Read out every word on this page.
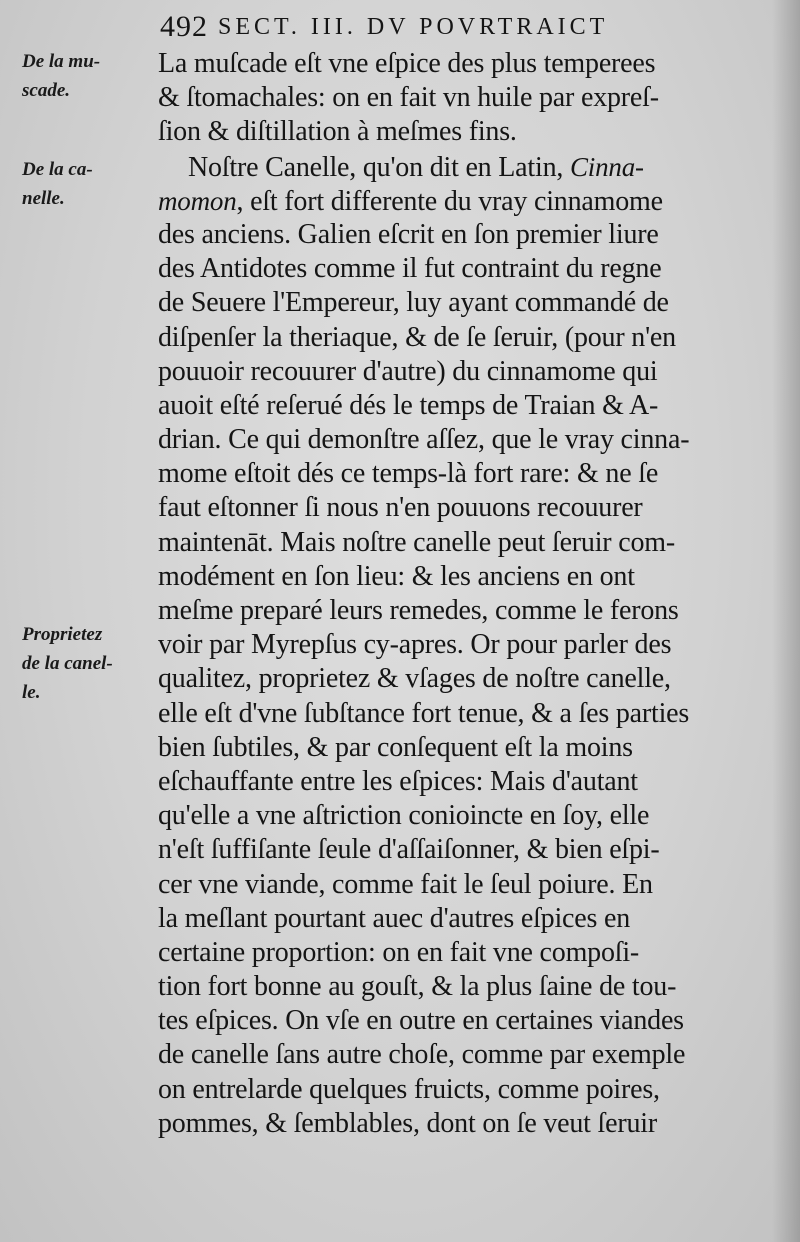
492 SECT. III. DV POVRTRAICT
De la mu-
scade.
De la ca-
nelle.
Proprietez
de la canel-
le.
La muſcade eſt vne eſpice des plus temperees
& ſtomachales: on en fait vn huile par expreſ-
ſion & diſtillation à meſmes fins.
Noſtre Canelle, qu'on dit en Latin, Cinna-
momon, eſt fort differente du vray cinnamome
des anciens. Galien eſcrit en ſon premier liure
des Antidotes comme il fut contraint du regne
de Seuere l'Empereur, luy ayant commandé de
diſpenſer la theriaque, & de ſe ſeruir, (pour n'en
pouuoir recouurer d'autre) du cinnamome qui
auoit eſté reſerué dés le temps de Traian & A-
drian. Ce qui demonſtre aſſez, que le vray cinna-
mome eſtoit dés ce temps-là fort rare: & ne ſe
faut eſtonner ſi nous n'en pouuons recouurer
maintenāt. Mais noſtre canelle peut ſeruir com-
modément en ſon lieu: & les anciens en ont
meſme preparé leurs remedes, comme le ferons
voir par Myrepſus cy-apres. Or pour parler des
qualitez, proprietez & vſages de noſtre canelle,
elle eſt d'vne ſubſtance fort tenue, & a ſes parties
bien ſubtiles, & par conſequent eſt la moins
eſchauffante entre les eſpices: Mais d'autant
qu'elle a vne aſtriction conioincte en ſoy, elle
n'eſt ſuffiſante ſeule d'aſſaiſonner, & bien eſpi-
cer vne viande, comme fait le ſeul poiure. En
la meſlant pourtant auec d'autres eſpices en
certaine proportion: on en fait vne compoſi-
tion fort bonne au gouſt, & la plus ſaine de tou-
tes eſpices. On vſe en outre en certaines viandes
de canelle ſans autre choſe, comme par exemple
on entrelarde quelques fruicts, comme poires,
pommes, & ſemblables, dont on ſe veut ſeruir
